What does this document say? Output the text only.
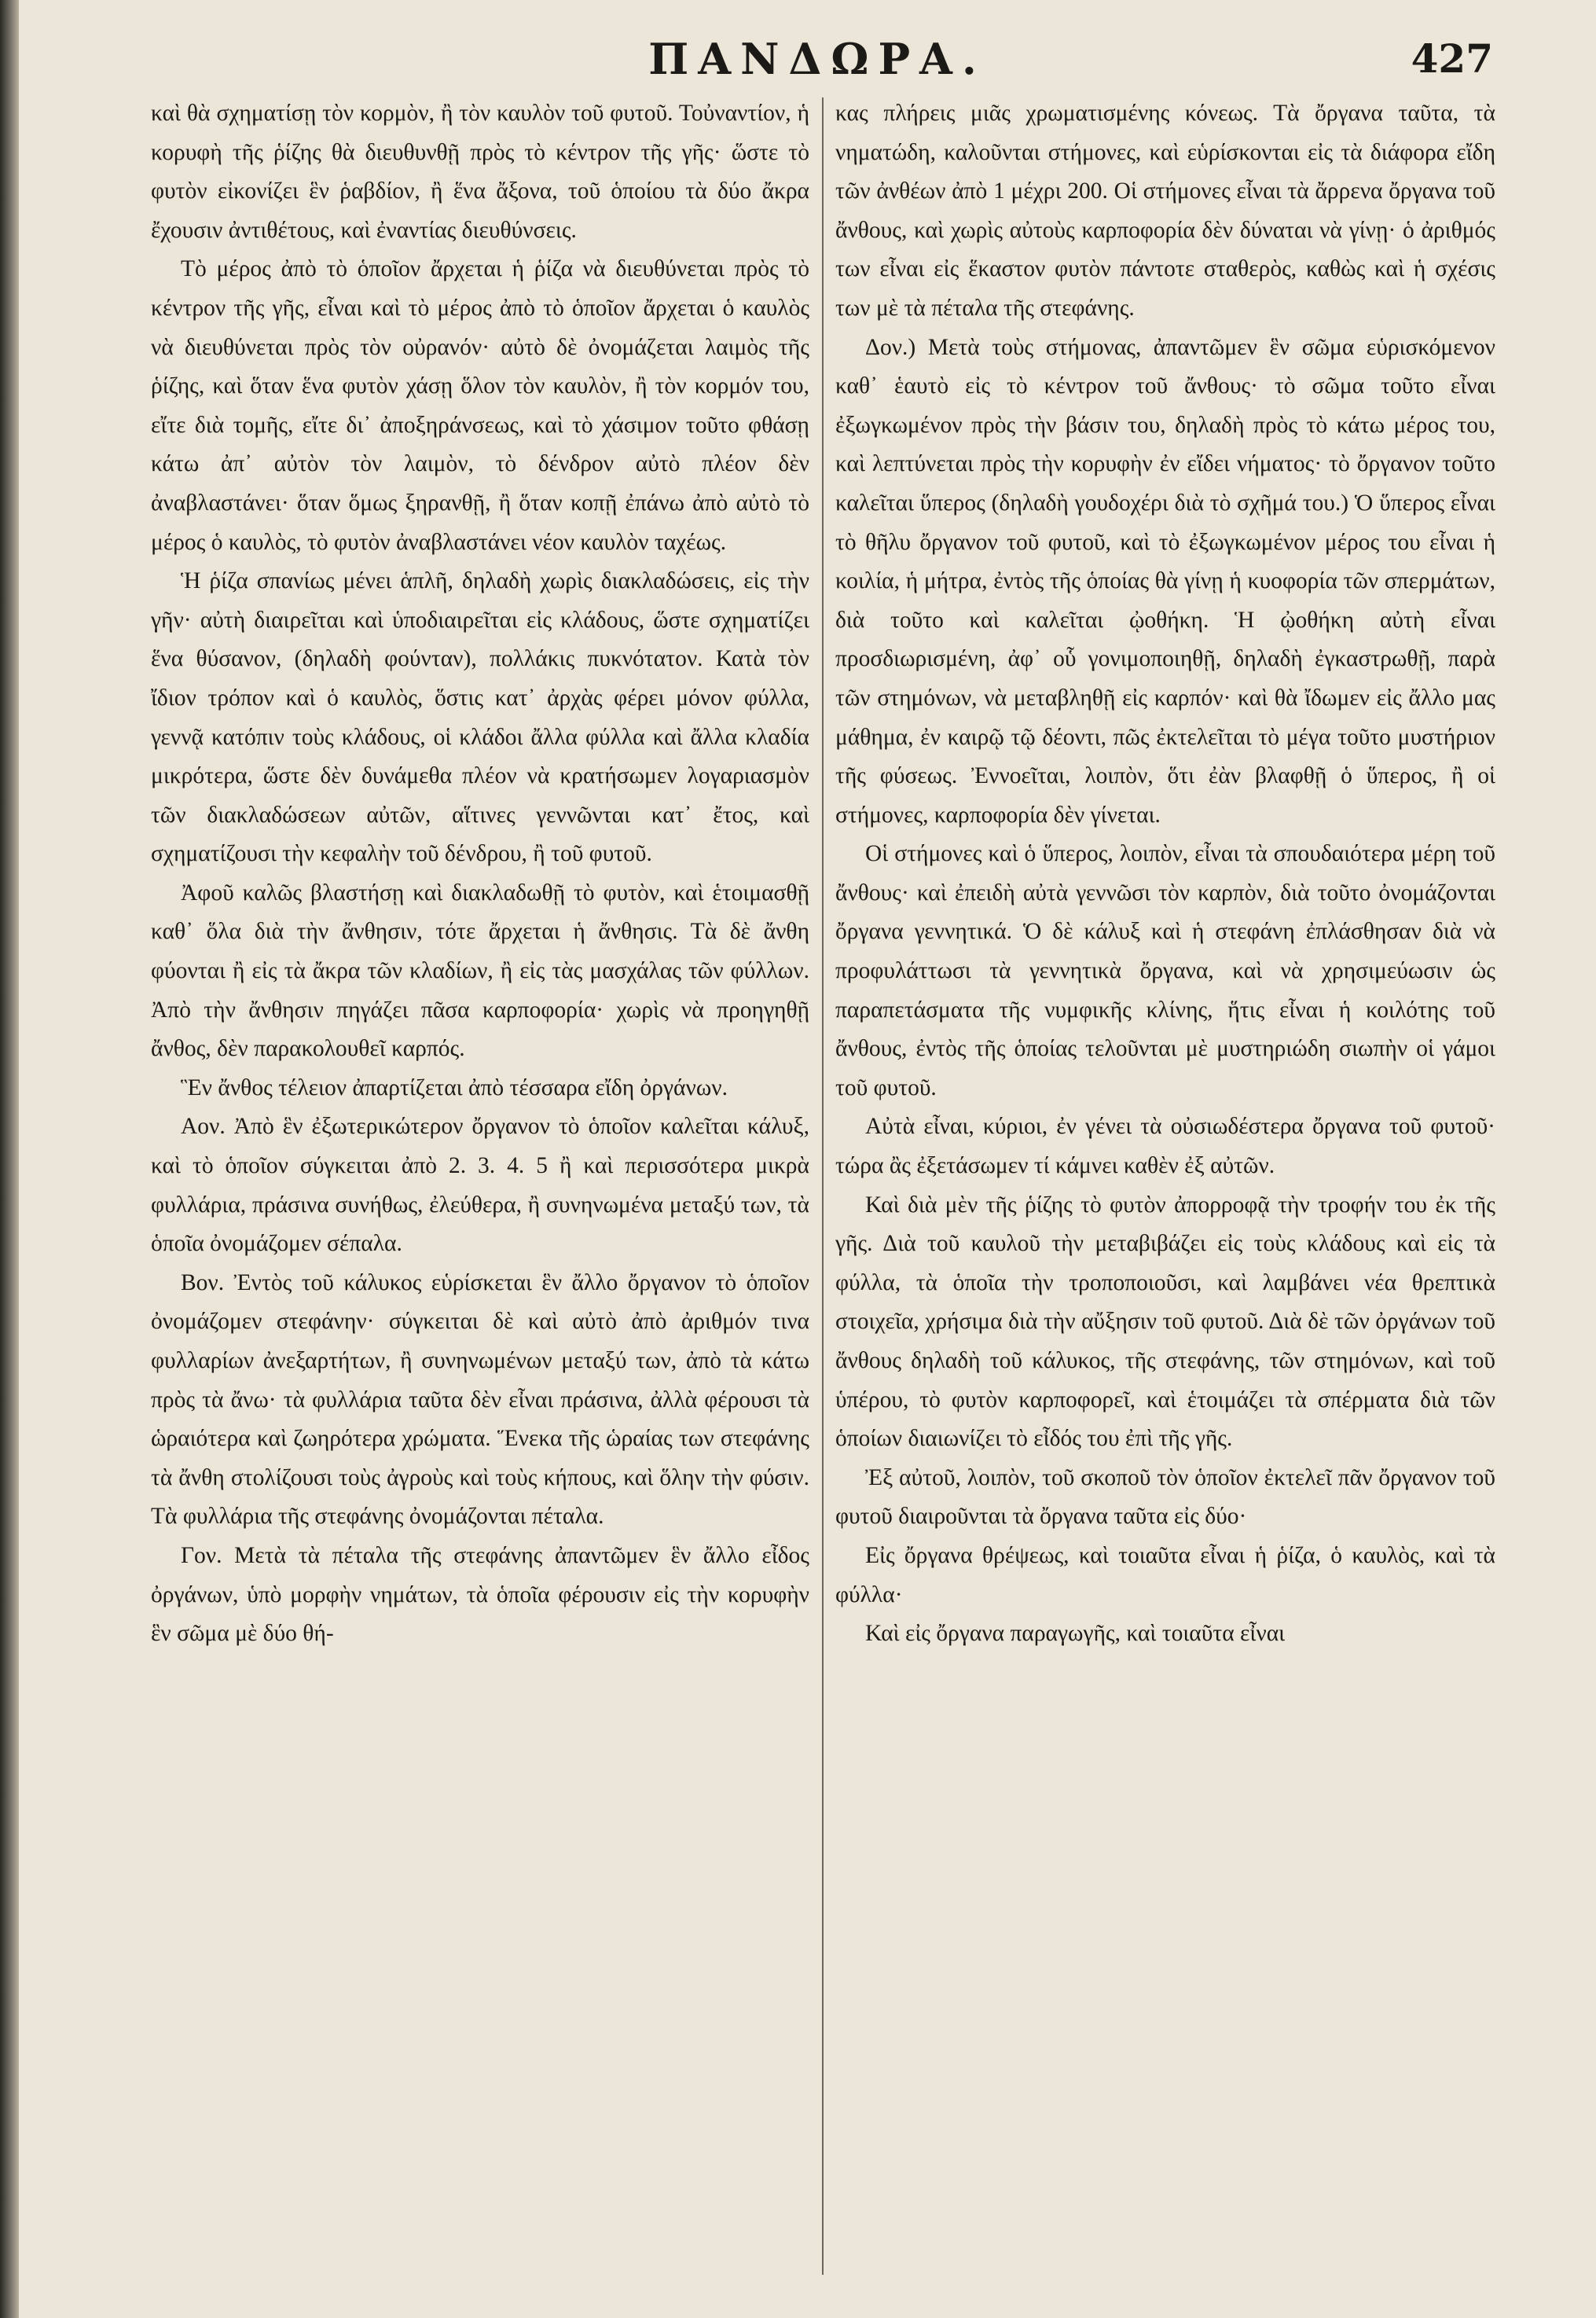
ΠΑΝΔΩΡΑ.	427

καὶ θὰ σχηματίσῃ τὸν κορμὸν, ἢ τὸν καυλὸν τοῦ φυτοῦ. Τοὐναντίον, ἡ κορυφὴ τῆς ῥίζης θὰ διευθυνθῇ πρὸς τὸ κέντρον τῆς γῆς· ὥστε τὸ φυτὸν εἰκονίζει ἓν ῥαβδίον, ἢ ἕνα ἄξονα, τοῦ ὁποίου τὰ δύο ἄκρα ἔχουσιν ἀντιθέτους, καὶ ἐναντίας διευθύνσεις.

Τὸ μέρος ἀπὸ τὸ ὁποῖον ἄρχεται ἡ ῥίζα νὰ διευθύνεται πρὸς τὸ κέντρον τῆς γῆς, εἶναι καὶ τὸ μέρος ἀπὸ τὸ ὁποῖον ἄρχεται ὁ καυλὸς νὰ διευθύνεται πρὸς τὸν οὐρανόν· αὐτὸ δὲ ὀνομάζεται λαιμὸς τῆς ῥίζης, καὶ ὅταν ἕνα φυτὸν χάσῃ ὅλον τὸν καυλὸν, ἢ τὸν κορμόν του, εἴτε διὰ τομῆς, εἴτε δι᾽ ἀποξηράνσεως, καὶ τὸ χάσιμον τοῦτο φθάσῃ κάτω ἀπ᾽ αὐτὸν τὸν λαιμὸν, τὸ δένδρον αὐτὸ πλέον δὲν ἀναβλαστάνει· ὅταν ὅμως ξηρανθῇ, ἢ ὅταν κοπῇ ἐπάνω ἀπὸ αὐτὸ τὸ μέρος ὁ καυλὸς, τὸ φυτὸν ἀναβλαστάνει νέον καυλὸν ταχέως.

Ἡ ῥίζα σπανίως μένει ἁπλῆ, δηλαδὴ χωρὶς διακλαδώσεις, εἰς τὴν γῆν· αὐτὴ διαιρεῖται καὶ ὑποδιαιρεῖται εἰς κλάδους, ὥστε σχηματίζει ἕνα θύσανον, (δηλαδὴ φούνταν), πολλάκις πυκνότατον. Κατὰ τὸν ἴδιον τρόπον καὶ ὁ καυλὸς, ὅστις κατ᾽ ἀρχὰς φέρει μόνον φύλλα, γεννᾷ κατόπιν τοὺς κλάδους, οἱ κλάδοι ἄλλα φύλλα καὶ ἄλλα κλαδία μικρότερα, ὥστε δὲν δυνάμεθα πλέον νὰ κρατήσωμεν λογαριασμὸν τῶν διακλαδώσεων αὐτῶν, αἵτινες γεννῶνται κατ᾽ ἔτος, καὶ σχηματίζουσι τὴν κεφαλὴν τοῦ δένδρου, ἢ τοῦ φυτοῦ.

Ἀφοῦ καλῶς βλαστήσῃ καὶ διακλαδωθῇ τὸ φυτὸν, καὶ ἑτοιμασθῇ καθ᾽ ὅλα διὰ τὴν ἄνθησιν, τότε ἄρχεται ἡ ἄνθησις. Τὰ δὲ ἄνθη φύονται ἢ εἰς τὰ ἄκρα τῶν κλαδίων, ἢ εἰς τὰς μασχάλας τῶν φύλλων. Ἀπὸ τὴν ἄνθησιν πηγάζει πᾶσα καρποφορία· χωρὶς νὰ προηγηθῇ ἄνθος, δὲν παρακολουθεῖ καρπός.

Ἓν ἄνθος τέλειον ἀπαρτίζεται ἀπὸ τέσσαρα εἴδη ὀργάνων.

Αον. Ἀπὸ ἓν ἐξωτερικώτερον ὄργανον τὸ ὁποῖον καλεῖται κάλυξ, καὶ τὸ ὁποῖον σύγκειται ἀπὸ 2. 3. 4. 5 ἢ καὶ περισσότερα μικρὰ φυλλάρια, πράσινα συνήθως, ἐλεύθερα, ἢ συνηνωμένα μεταξύ των, τὰ ὁποῖα ὀνομάζομεν σέπαλα.

Βον. Ἐντὸς τοῦ κάλυκος εὑρίσκεται ἓν ἄλλο ὄργανον τὸ ὁποῖον ὀνομάζομεν στεφάνην· σύγκειται δὲ καὶ αὐτὸ ἀπὸ ἀριθμόν τινα φυλλαρίων ἀνεξαρτήτων, ἢ συνηνωμένων μεταξύ των, ἀπὸ τὰ κάτω πρὸς τὰ ἄνω· τὰ φυλλάρια ταῦτα δὲν εἶναι πράσινα, ἀλλὰ φέρουσι τὰ ὡραιότερα καὶ ζωηρότερα χρώματα. Ἕνεκα τῆς ὡραίας των στεφάνης τὰ ἄνθη στολίζουσι τοὺς ἀγροὺς καὶ τοὺς κήπους, καὶ ὅλην τὴν φύσιν. Τὰ φυλλάρια τῆς στεφάνης ὀνομάζονται πέταλα.

Γον. Μετὰ τὰ πέταλα τῆς στεφάνης ἀπαντῶμεν ἓν ἄλλο εἶδος ὀργάνων, ὑπὸ μορφὴν νημάτων, τὰ ὁποῖα φέρουσιν εἰς τὴν κορυφὴν ἓν σῶμα μὲ δύο θή-

κας πλήρεις μιᾶς χρωματισμένης κόνεως. Τὰ ὄργανα ταῦτα, τὰ νηματώδη, καλοῦνται στήμονες, καὶ εὑρίσκονται εἰς τὰ διάφορα εἴδη τῶν ἀνθέων ἀπὸ 1 μέχρι 200. Οἱ στήμονες εἶναι τὰ ἄρρενα ὄργανα τοῦ ἄνθους, καὶ χωρὶς αὐτοὺς καρποφορία δὲν δύναται νὰ γίνῃ· ὁ ἀριθμός των εἶναι εἰς ἕκαστον φυτὸν πάντοτε σταθερὸς, καθὼς καὶ ἡ σχέσις των μὲ τὰ πέταλα τῆς στεφάνης.

Δον.) Μετὰ τοὺς στήμονας, ἀπαντῶμεν ἓν σῶμα εὑρισκόμενον καθ᾽ ἑαυτὸ εἰς τὸ κέντρον τοῦ ἄνθους· τὸ σῶμα τοῦτο εἶναι ἐξωγκωμένον πρὸς τὴν βάσιν του, δηλαδὴ πρὸς τὸ κάτω μέρος του, καὶ λεπτύνεται πρὸς τὴν κορυφὴν ἐν εἴδει νήματος· τὸ ὄργανον τοῦτο καλεῖται ὕπερος (δηλαδὴ γουδοχέρι διὰ τὸ σχῆμά του.) Ὁ ὕπερος εἶναι τὸ θῆλυ ὄργανον τοῦ φυτοῦ, καὶ τὸ ἐξωγκωμένον μέρος του εἶναι ἡ κοιλία, ἡ μήτρα, ἐντὸς τῆς ὁποίας θὰ γίνῃ ἡ κυοφορία τῶν σπερμάτων, διὰ τοῦτο καὶ καλεῖται ᾠοθήκη. Ἡ ᾠοθήκη αὐτὴ εἶναι προσδιωρισμένη, ἀφ᾽ οὗ γονιμοποιηθῇ, δηλαδὴ ἐγκαστρωθῇ, παρὰ τῶν στημόνων, νὰ μεταβληθῇ εἰς καρπόν· καὶ θὰ ἴδωμεν εἰς ἄλλο μας μάθημα, ἐν καιρῷ τῷ δέοντι, πῶς ἐκτελεῖται τὸ μέγα τοῦτο μυστήριον τῆς φύσεως. Ἐννοεῖται, λοιπὸν, ὅτι ἐὰν βλαφθῇ ὁ ὕπερος, ἢ οἱ στήμονες, καρποφορία δὲν γίνεται.

Οἱ στήμονες καὶ ὁ ὕπερος, λοιπὸν, εἶναι τὰ σπουδαιότερα μέρη τοῦ ἄνθους· καὶ ἐπειδὴ αὐτὰ γεννῶσι τὸν καρπὸν, διὰ τοῦτο ὀνομάζονται ὄργανα γεννητικά. Ὁ δὲ κάλυξ καὶ ἡ στεφάνη ἐπλάσθησαν διὰ νὰ προφυλάττωσι τὰ γεννητικὰ ὄργανα, καὶ νὰ χρησιμεύωσιν ὡς παραπετάσματα τῆς νυμφικῆς κλίνης, ἥτις εἶναι ἡ κοιλότης τοῦ ἄνθους, ἐντὸς τῆς ὁποίας τελοῦνται μὲ μυστηριώδη σιωπὴν οἱ γάμοι τοῦ φυτοῦ.

Αὐτὰ εἶναι, κύριοι, ἐν γένει τὰ οὐσιωδέστερα ὄργανα τοῦ φυτοῦ· τώρα ἂς ἐξετάσωμεν τί κάμνει καθὲν ἐξ αὐτῶν.

Καὶ διὰ μὲν τῆς ῥίζης τὸ φυτὸν ἀπορροφᾷ τὴν τροφήν του ἐκ τῆς γῆς. Διὰ τοῦ καυλοῦ τὴν μεταβιβάζει εἰς τοὺς κλάδους καὶ εἰς τὰ φύλλα, τὰ ὁποῖα τὴν τροποποιοῦσι, καὶ λαμβάνει νέα θρεπτικὰ στοιχεῖα, χρήσιμα διὰ τὴν αὔξησιν τοῦ φυτοῦ. Διὰ δὲ τῶν ὀργάνων τοῦ ἄνθους δηλαδὴ τοῦ κάλυκος, τῆς στεφάνης, τῶν στημόνων, καὶ τοῦ ὑπέρου, τὸ φυτὸν καρποφορεῖ, καὶ ἑτοιμάζει τὰ σπέρματα διὰ τῶν ὁποίων διαιωνίζει τὸ εἶδός του ἐπὶ τῆς γῆς.

Ἐξ αὐτοῦ, λοιπὸν, τοῦ σκοποῦ τὸν ὁποῖον ἐκτελεῖ πᾶν ὄργανον τοῦ φυτοῦ διαιροῦνται τὰ ὄργανα ταῦτα εἰς δύο·

Εἰς ὄργανα θρέψεως, καὶ τοιαῦτα εἶναι ἡ ῥίζα, ὁ καυλὸς, καὶ τὰ φύλλα·

Καὶ εἰς ὄργανα παραγωγῆς, καὶ τοιαῦτα εἶναι
